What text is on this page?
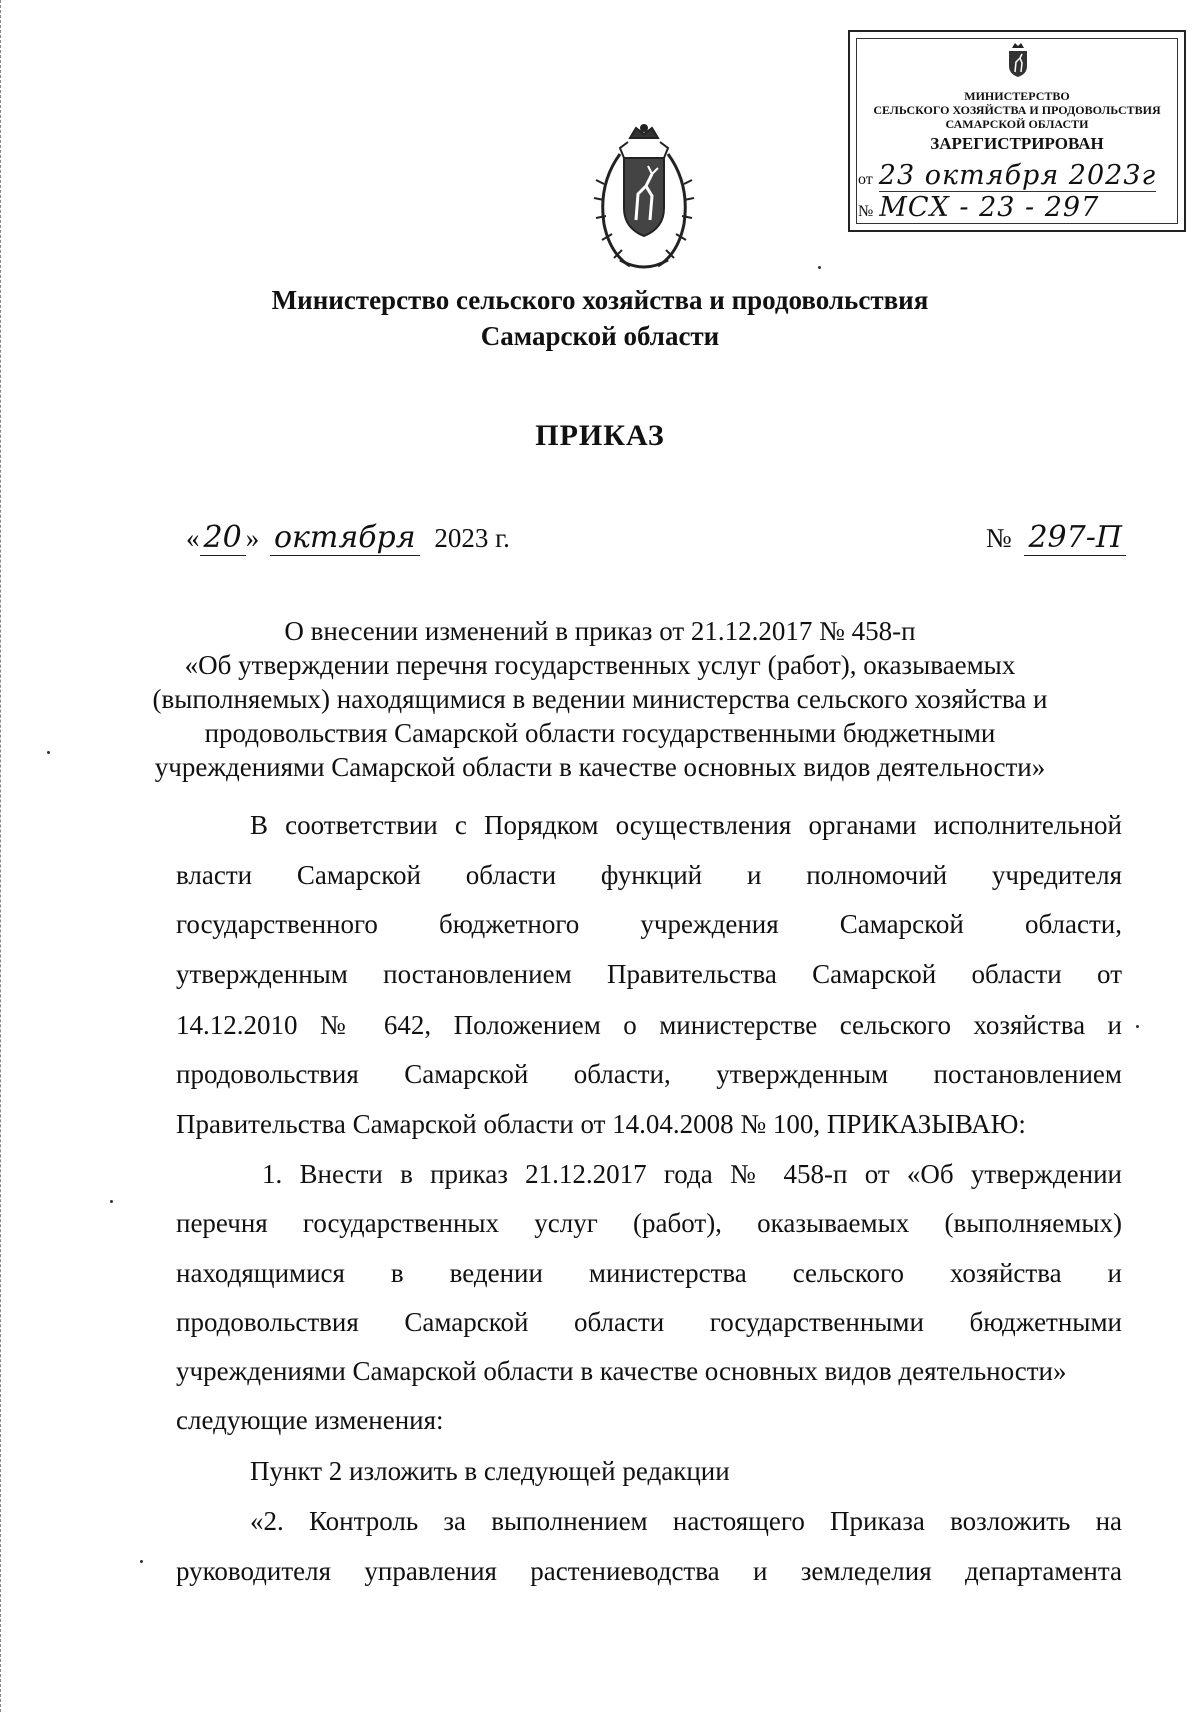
МИНИСТЕРСТВО
СЕЛЬСКОГО ХОЗЯЙСТВА И ПРОДОВОЛЬСТВИЯ
САМАРСКОЙ ОБЛАСТИ
ЗАРЕГИСТРИРОВАН
от 23 октября 2023г
№ МСХ - 23 - 297
Министерство сельского хозяйства и продовольствия
Самарской области
ПРИКАЗ
« 20 » октября 2023 г.	№ 297-П
О внесении изменений в приказ от 21.12.2017 № 458-п
«Об утверждении перечня государственных услуг (работ), оказываемых
(выполняемых) находящимися в ведении министерства сельского хозяйства и
продовольствия Самарской области государственными бюджетными
учреждениями Самарской области в качестве основных видов деятельности»
В соответствии с Порядком осуществления органами исполнительной
власти Самарской области функций и полномочий учредителя
государственного бюджетного учреждения Самарской области,
утвержденным постановлением Правительства Самарской области от
14.12.2010 № 642, Положением о министерстве сельского хозяйства и
продовольствия Самарской области, утвержденным постановлением
Правительства Самарской области от 14.04.2008 № 100, ПРИКАЗЫВАЮ:
1. Внести в приказ 21.12.2017 года № 458-п от «Об утверждении
перечня государственных услуг (работ), оказываемых (выполняемых)
находящимися в ведении министерства сельского хозяйства и
продовольствия Самарской области государственными бюджетными
учреждениями Самарской области в качестве основных видов деятельности»
следующие изменения:
Пункт 2 изложить в следующей редакции
«2. Контроль за выполнением настоящего Приказа возложить на
руководителя управления растениеводства и земледелия департамента
